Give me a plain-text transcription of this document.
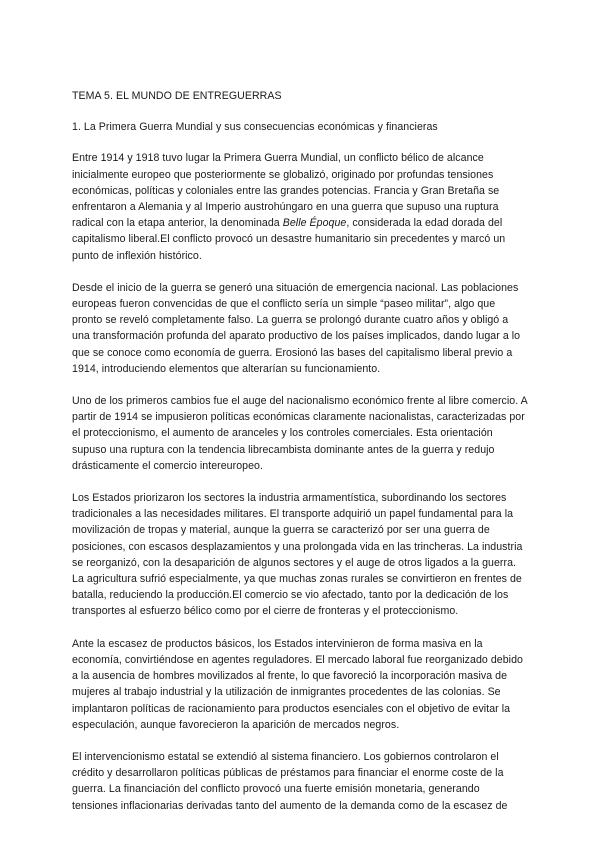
TEMA 5. EL MUNDO DE ENTREGUERRAS

1. La Primera Guerra Mundial y sus consecuencias económicas y financieras

Entre 1914 y 1918 tuvo lugar la Primera Guerra Mundial, un conflicto bélico de alcance inicialmente europeo que posteriormente se globalizó, originado por profundas tensiones económicas, políticas y coloniales entre las grandes potencias. Francia y Gran Bretaña se enfrentaron a Alemania y al Imperio austrohúngaro en una guerra que supuso una ruptura radical con la etapa anterior, la denominada Belle Époque, considerada la edad dorada del capitalismo liberal.El conflicto provocó un desastre humanitario sin precedentes y marcó un punto de inflexión histórico.

Desde el inicio de la guerra se generó una situación de emergencia nacional. Las poblaciones europeas fueron convencidas de que el conflicto sería un simple “paseo militar”, algo que pronto se reveló completamente falso. La guerra se prolongó durante cuatro años y obligó a una transformación profunda del aparato productivo de los países implicados, dando lugar a lo que se conoce como economía de guerra. Erosionó las bases del capitalismo liberal previo a 1914, introduciendo elementos que alterarían su funcionamiento.

Uno de los primeros cambios fue el auge del nacionalismo económico frente al libre comercio. A partir de 1914 se impusieron políticas económicas claramente nacionalistas, caracterizadas por el proteccionismo, el aumento de aranceles y los controles comerciales. Esta orientación supuso una ruptura con la tendencia librecambista dominante antes de la guerra y redujo drásticamente el comercio intereuropeo.

Los Estados priorizaron los sectores la industria armamentística, subordinando los sectores tradicionales a las necesidades militares. El transporte adquirió un papel fundamental para la movilización de tropas y material, aunque la guerra se caracterizó por ser una guerra de posiciones, con escasos desplazamientos y una prolongada vida en las trincheras. La industria se reorganizó, con la desaparición de algunos sectores y el auge de otros ligados a la guerra. La agricultura sufrió especialmente, ya que muchas zonas rurales se convirtieron en frentes de batalla, reduciendo la producción.El comercio se vio afectado, tanto por la dedicación de los transportes al esfuerzo bélico como por el cierre de fronteras y el proteccionismo.

Ante la escasez de productos básicos, los Estados intervinieron de forma masiva en la economía, convirtiéndose en agentes reguladores. El mercado laboral fue reorganizado debido a la ausencia de hombres movilizados al frente, lo que favoreció la incorporación masiva de mujeres al trabajo industrial y la utilización de inmigrantes procedentes de las colonias. Se implantaron políticas de racionamiento para productos esenciales con el objetivo de evitar la especulación, aunque favorecieron la aparición de mercados negros.

El intervencionismo estatal se extendió al sistema financiero. Los gobiernos controlaron el crédito y desarrollaron políticas públicas de préstamos para financiar el enorme coste de la guerra. La financiación del conflicto provocó una fuerte emisión monetaria, generando tensiones inflacionarias derivadas tanto del aumento de la demanda como de la escasez de
